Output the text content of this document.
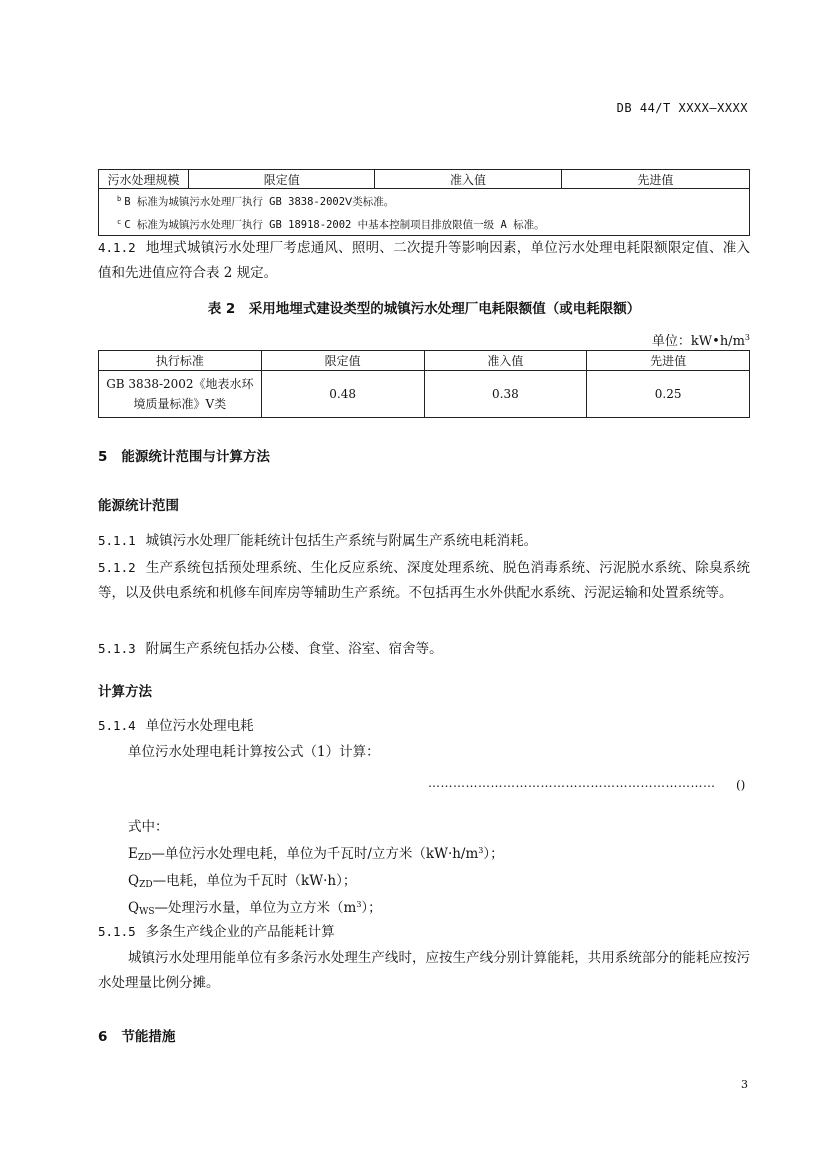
DB 44/T XXXX—XXXX
污水处理规模	限定值	准入值	先进值
$^b$ B 标准为城镇污水处理厂执行 GB 3838-2002Ⅴ类标准。
$^c$ C 标准为城镇污水处理厂执行 GB 18918-2002 中基本控制项目排放限值一级 A 标准。
4.1.2 地埋式城镇污水处理厂考虑通风、照明、二次提升等影响因素，单位污水处理电耗限额限定值、准入值和先进值应符合表 2 规定。
表 2　采用地埋式建设类型的城镇污水处理厂电耗限额值（或电耗限额）
单位：$kW•h/m^3$
执行标准	限定值	准入值	先进值
GB 3838-2002《地表水环境质量标准》Ⅴ类	0.48	0.38	0.25
5 能源统计范围与计算方法
能源统计范围
5.1.1 城镇污水处理厂能耗统计包括生产系统与附属生产系统电耗消耗。
5.1.2 生产系统包括预处理系统、生化反应系统、深度处理系统、脱色消毒系统、污泥脱水系统、除臭系统等，以及供电系统和机修车间库房等辅助生产系统。不包括再生水外供配水系统、污泥运输和处置系统等。
5.1.3 附属生产系统包括办公楼、食堂、浴室、宿舍等。
计算方法
5.1.4 单位污水处理电耗
单位污水处理电耗计算按公式（1）计算：
…………………………………………………………… ()
式中：
$E_{ZD}—$单位污水处理电耗，单位为千瓦时/立方米$(kW\cdot h/m^3)$；
$Q_{ZD}—$电耗，单位为千瓦时（kW·h）；
$Q_{WS}—$处理污水量，单位为立方米$(m^3)$；
5.1.5 多条生产线企业的产品能耗计算
城镇污水处理用能单位有多条污水处理生产线时，应按生产线分别计算能耗，共用系统部分的能耗应按污水处理量比例分摊。
6 节能措施
3
